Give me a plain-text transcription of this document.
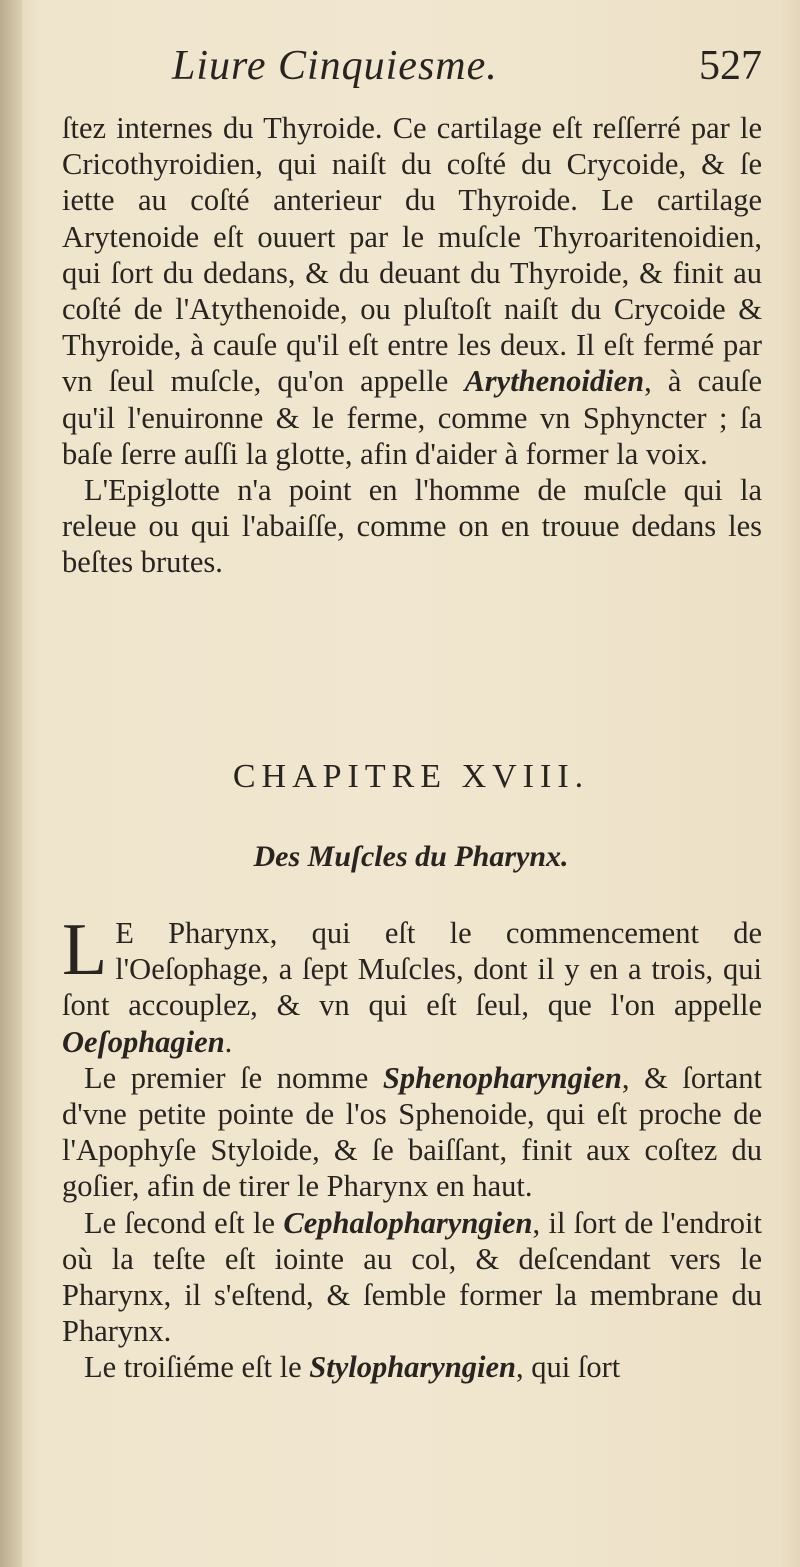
Liure Cinquiesme.	527

ſtez internes du Thyroide. Ce cartilage eſt reſſerré par le Cricothyroidien, qui naiſt du coſté du Crycoide, & ſe iette au coſté anterieur du Thyroide. Le cartilage Arytenoide eſt ouuert par le muſcle Thyroaritenoidien, qui ſort du dedans, & du deuant du Thyroide, & finit au coſté de l'Atythenoide, ou pluſtoſt naiſt du Crycoide & Thyroide, à cauſe qu'il eſt entre les deux. Il eſt fermé par vn ſeul muſcle, qu'on appelle Arythenoidien, à cauſe qu'il l'enuironne & le ferme, comme vn Sphyncter ; ſa baſe ſerre auſſi la glotte, afin d'aider à former la voix.

L'Epiglotte n'a point en l'homme de muſcle qui la releue ou qui l'abaiſſe, comme on en trouue dedans les beſtes brutes.

CHAPITRE XVIII.
Des Muſcles du Pharynx.

L E Pharynx, qui eſt le commencement de l'Oeſophage, a ſept Muſcles, dont il y en a trois, qui ſont accouplez, & vn qui eſt ſeul, que l'on appelle Oeſophagien.

Le premier ſe nomme Sphenopharyngien, & ſortant d'vne petite pointe de l'os Sphenoide, qui eſt proche de l'Apophyſe Styloide, & ſe baiſſant, finit aux coſtez du goſier, afin de tirer le Pharynx en haut.

Le ſecond eſt le Cephalopharyngien, il ſort de l'endroit où la teſte eſt iointe au col, & deſcendant vers le Pharynx, il s'eſtend, & ſemble former la membrane du Pharynx.

Le troiſiéme eſt le Stylopharyngien, qui ſort
